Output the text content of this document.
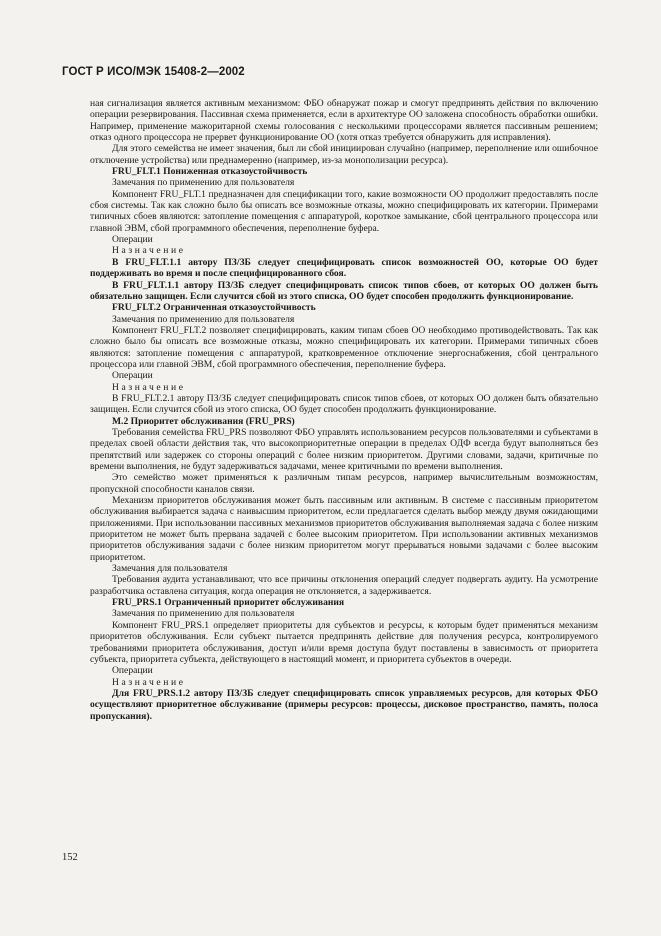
ГОСТ Р ИСО/МЭК 15408-2—2002

ная сигнализация является активным механизмом: ФБО обнаружат пожар и смогут предпринять действия по включению операции резервирования. Пассивная схема применяется, если в архитектуре ОО заложена способность обработки ошибки. Например, применение мажоритарной схемы голосования с несколькими процессорами является пассивным решением; отказ одного процессора не прервет функционирование ОО (хотя отказ требуется обнаружить для исправления).

Для этого семейства не имеет значения, был ли сбой инициирован случайно (например, переполнение или ошибочное отключение устройства) или преднамеренно (например, из-за монополизации ресурса).

FRU_FLT.1 Пониженная отказоустойчивость

Замечания по применению для пользователя

Компонент FRU_FLT.1 предназначен для спецификации того, какие возможности ОО продолжит предоставлять после сбоя системы. Так как сложно было бы описать все возможные отказы, можно специфицировать их категории. Примерами типичных сбоев являются: затопление помещения с аппаратурой, короткое замыкание, сбой центрального процессора или главной ЭВМ, сбой программного обеспечения, переполнение буфера.

Операции

Назначение

В FRU_FLT.1.1 автору ПЗ/ЗБ следует специфицировать список возможностей ОО, которые ОО будет поддерживать во время и после специфицированного сбоя.

В FRU_FLT.1.1 автору ПЗ/ЗБ следует специфицировать список типов сбоев, от которых ОО должен быть обязательно защищен. Если случится сбой из этого списка, ОО будет способен продолжить функционирование.

FRU_FLT.2 Ограниченная отказоустойчивость

Замечания по применению для пользователя

Компонент FRU_FLT.2 позволяет специфицировать, каким типам сбоев ОО необходимо противодействовать. Так как сложно было бы описать все возможные отказы, можно специфицировать их категории. Примерами типичных сбоев являются: затопление помещения с аппаратурой, кратковременное отключение энергоснабжения, сбой центрального процессора или главной ЭВМ, сбой программного обеспечения, переполнение буфера.

Операции

Назначение

В FRU_FLT.2.1 автору ПЗ/ЗБ следует специфицировать список типов сбоев, от которых ОО должен быть обязательно защищен. Если случится сбой из этого списка, ОО будет способен продолжить функционирование.

М.2 Приоритет обслуживания (FRU_PRS)

Требования семейства FRU_PRS позволяют ФБО управлять использованием ресурсов пользователями и субъектами в пределах своей области действия так, что высокоприоритетные операции в пределах ОДФ всегда будут выполняться без препятствий или задержек со стороны операций с более низким приоритетом. Другими словами, задачи, критичные по времени выполнения, не будут задерживаться задачами, менее критичными по времени выполнения.

Это семейство может применяться к различным типам ресурсов, например вычислительным возможностям, пропускной способности каналов связи.

Механизм приоритетов обслуживания может быть пассивным или активным. В системе с пассивным приоритетом обслуживания выбирается задача с наивысшим приоритетом, если предлагается сделать выбор между двумя ожидающими приложениями. При использовании пассивных механизмов приоритетов обслуживания выполняемая задача с более низким приоритетом не может быть прервана задачей с более высоким приоритетом. При использовании активных механизмов приоритетов обслуживания задачи с более низким приоритетом могут прерываться новыми задачами с более высоким приоритетом.

Замечания для пользователя

Требования аудита устанавливают, что все причины отклонения операций следует подвергать аудиту. На усмотрение разработчика оставлена ситуация, когда операция не отклоняется, а задерживается.

FRU_PRS.1 Ограниченный приоритет обслуживания

Замечания по применению для пользователя

Компонент FRU_PRS.1 определяет приоритеты для субъектов и ресурсы, к которым будет применяться механизм приоритетов обслуживания. Если субъект пытается предпринять действие для получения ресурса, контролируемого требованиями приоритета обслуживания, доступ и/или время доступа будут поставлены в зависимость от приоритета субъекта, приоритета субъекта, действующего в настоящий момент, и приоритета субъектов в очереди.

Операции

Назначение

Для FRU_PRS.1.2 автору ПЗ/ЗБ следует специфицировать список управляемых ресурсов, для которых ФБО осуществляют приоритетное обслуживание (примеры ресурсов: процессы, дисковое пространство, память, полоса пропускания).

152
